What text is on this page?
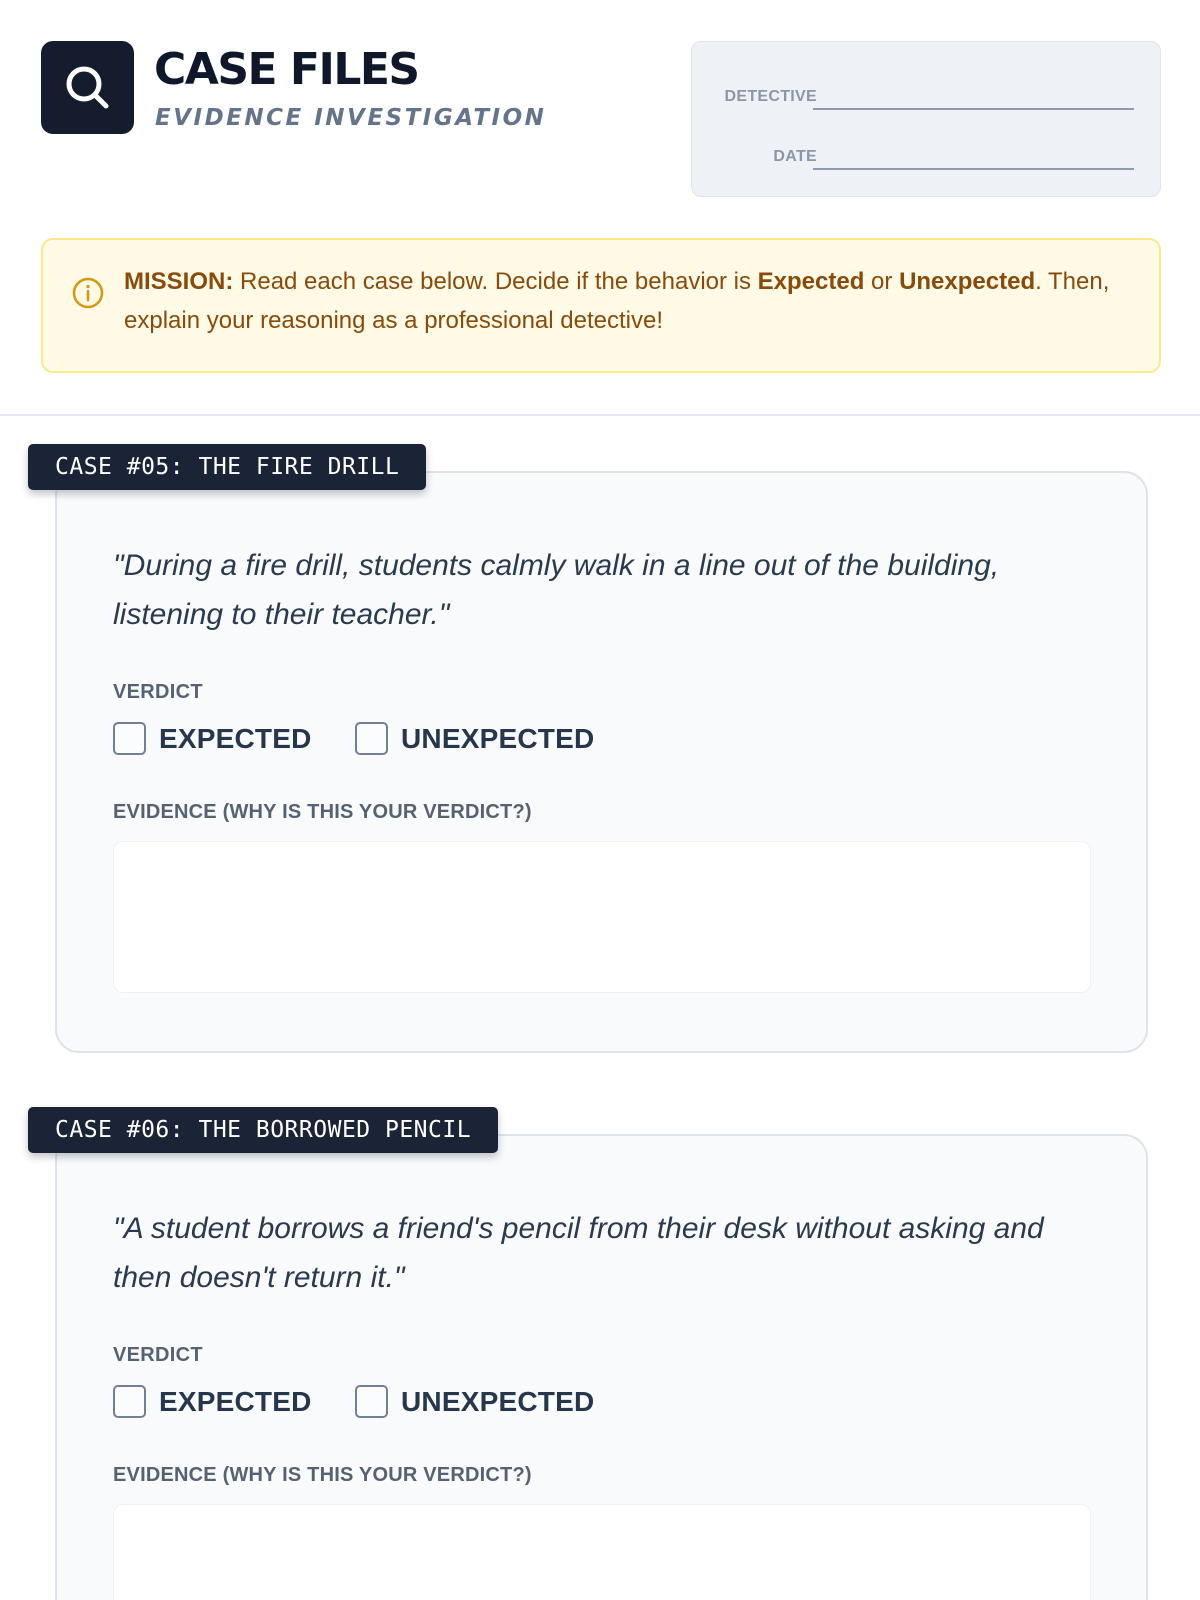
CASE FILES
EVIDENCE INVESTIGATION
DETECTIVE
DATE
MISSION: Read each case below. Decide if the behavior is Expected or Unexpected. Then, explain your reasoning as a professional detective!
"During a fire drill, students calmly walk in a line out of the building, listening to their teacher."
VERDICT
EXPECTED	UNEXPECTED
EVIDENCE (WHY IS THIS YOUR VERDICT?)
CASE #05: THE FIRE DRILL
"A student borrows a friend's pencil from their desk without asking and then doesn't return it."
VERDICT
EXPECTED	UNEXPECTED
EVIDENCE (WHY IS THIS YOUR VERDICT?)
CASE #06: THE BORROWED PENCIL
